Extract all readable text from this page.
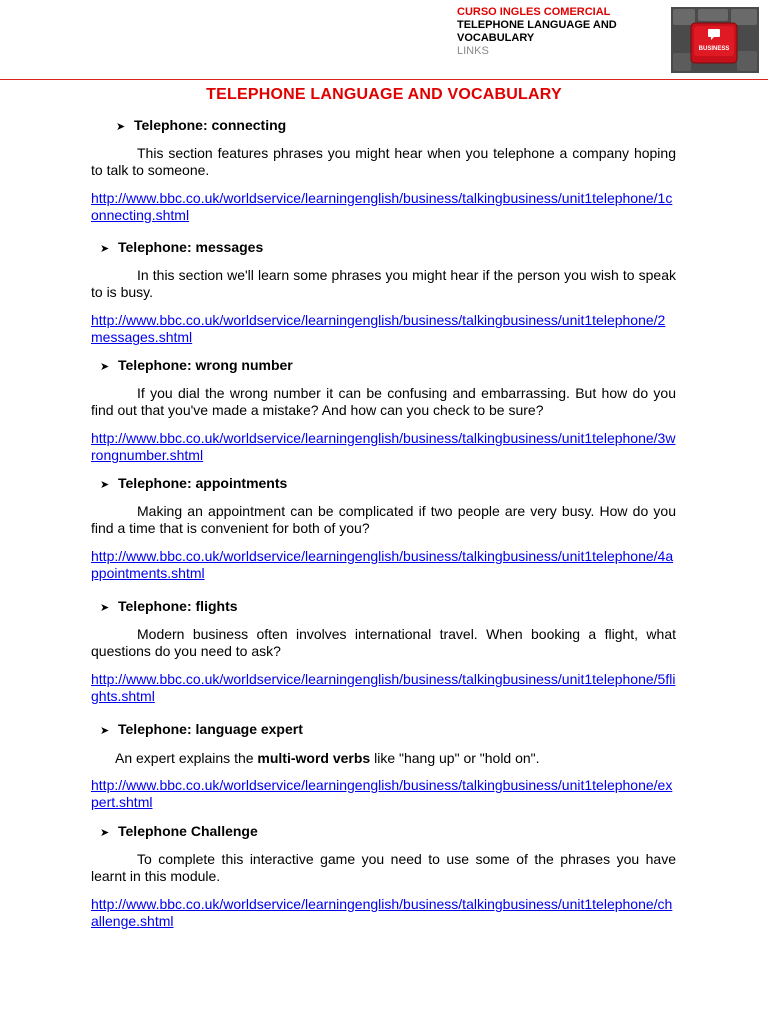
CURSO INGLES COMERCIAL
TELEPHONE LANGUAGE AND VOCABULARY
LINKS	BUSINESS
TELEPHONE LANGUAGE AND VOCABULARY
➤ Telephone: connecting
This section features phrases you might hear when you telephone a company hoping to talk to someone.
http://www.bbc.co.uk/worldservice/learningenglish/business/talkingbusiness/unit1telephone/1connecting.shtml
➤ Telephone: messages
In this section we'll learn some phrases you might hear if the person you wish to speak to is busy.
http://www.bbc.co.uk/worldservice/learningenglish/business/talkingbusiness/unit1telephone/2messages.shtml
➤ Telephone: wrong number
If you dial the wrong number it can be confusing and embarrassing. But how do you find out that you've made a mistake? And how can you check to be sure?
http://www.bbc.co.uk/worldservice/learningenglish/business/talkingbusiness/unit1telephone/3wrongnumber.shtml
➤ Telephone: appointments
Making an appointment can be complicated if two people are very busy. How do you find a time that is convenient for both of you?
http://www.bbc.co.uk/worldservice/learningenglish/business/talkingbusiness/unit1telephone/4appointments.shtml
➤ Telephone: flights
Modern business often involves international travel. When booking a flight, what questions do you need to ask?
http://www.bbc.co.uk/worldservice/learningenglish/business/talkingbusiness/unit1telephone/5flights.shtml
➤ Telephone: language expert
An expert explains the multi-word verbs like "hang up" or "hold on".
http://www.bbc.co.uk/worldservice/learningenglish/business/talkingbusiness/unit1telephone/expert.shtml
➤ Telephone Challenge
To complete this interactive game you need to use some of the phrases you have learnt in this module.
http://www.bbc.co.uk/worldservice/learningenglish/business/talkingbusiness/unit1telephone/challenge.shtml
